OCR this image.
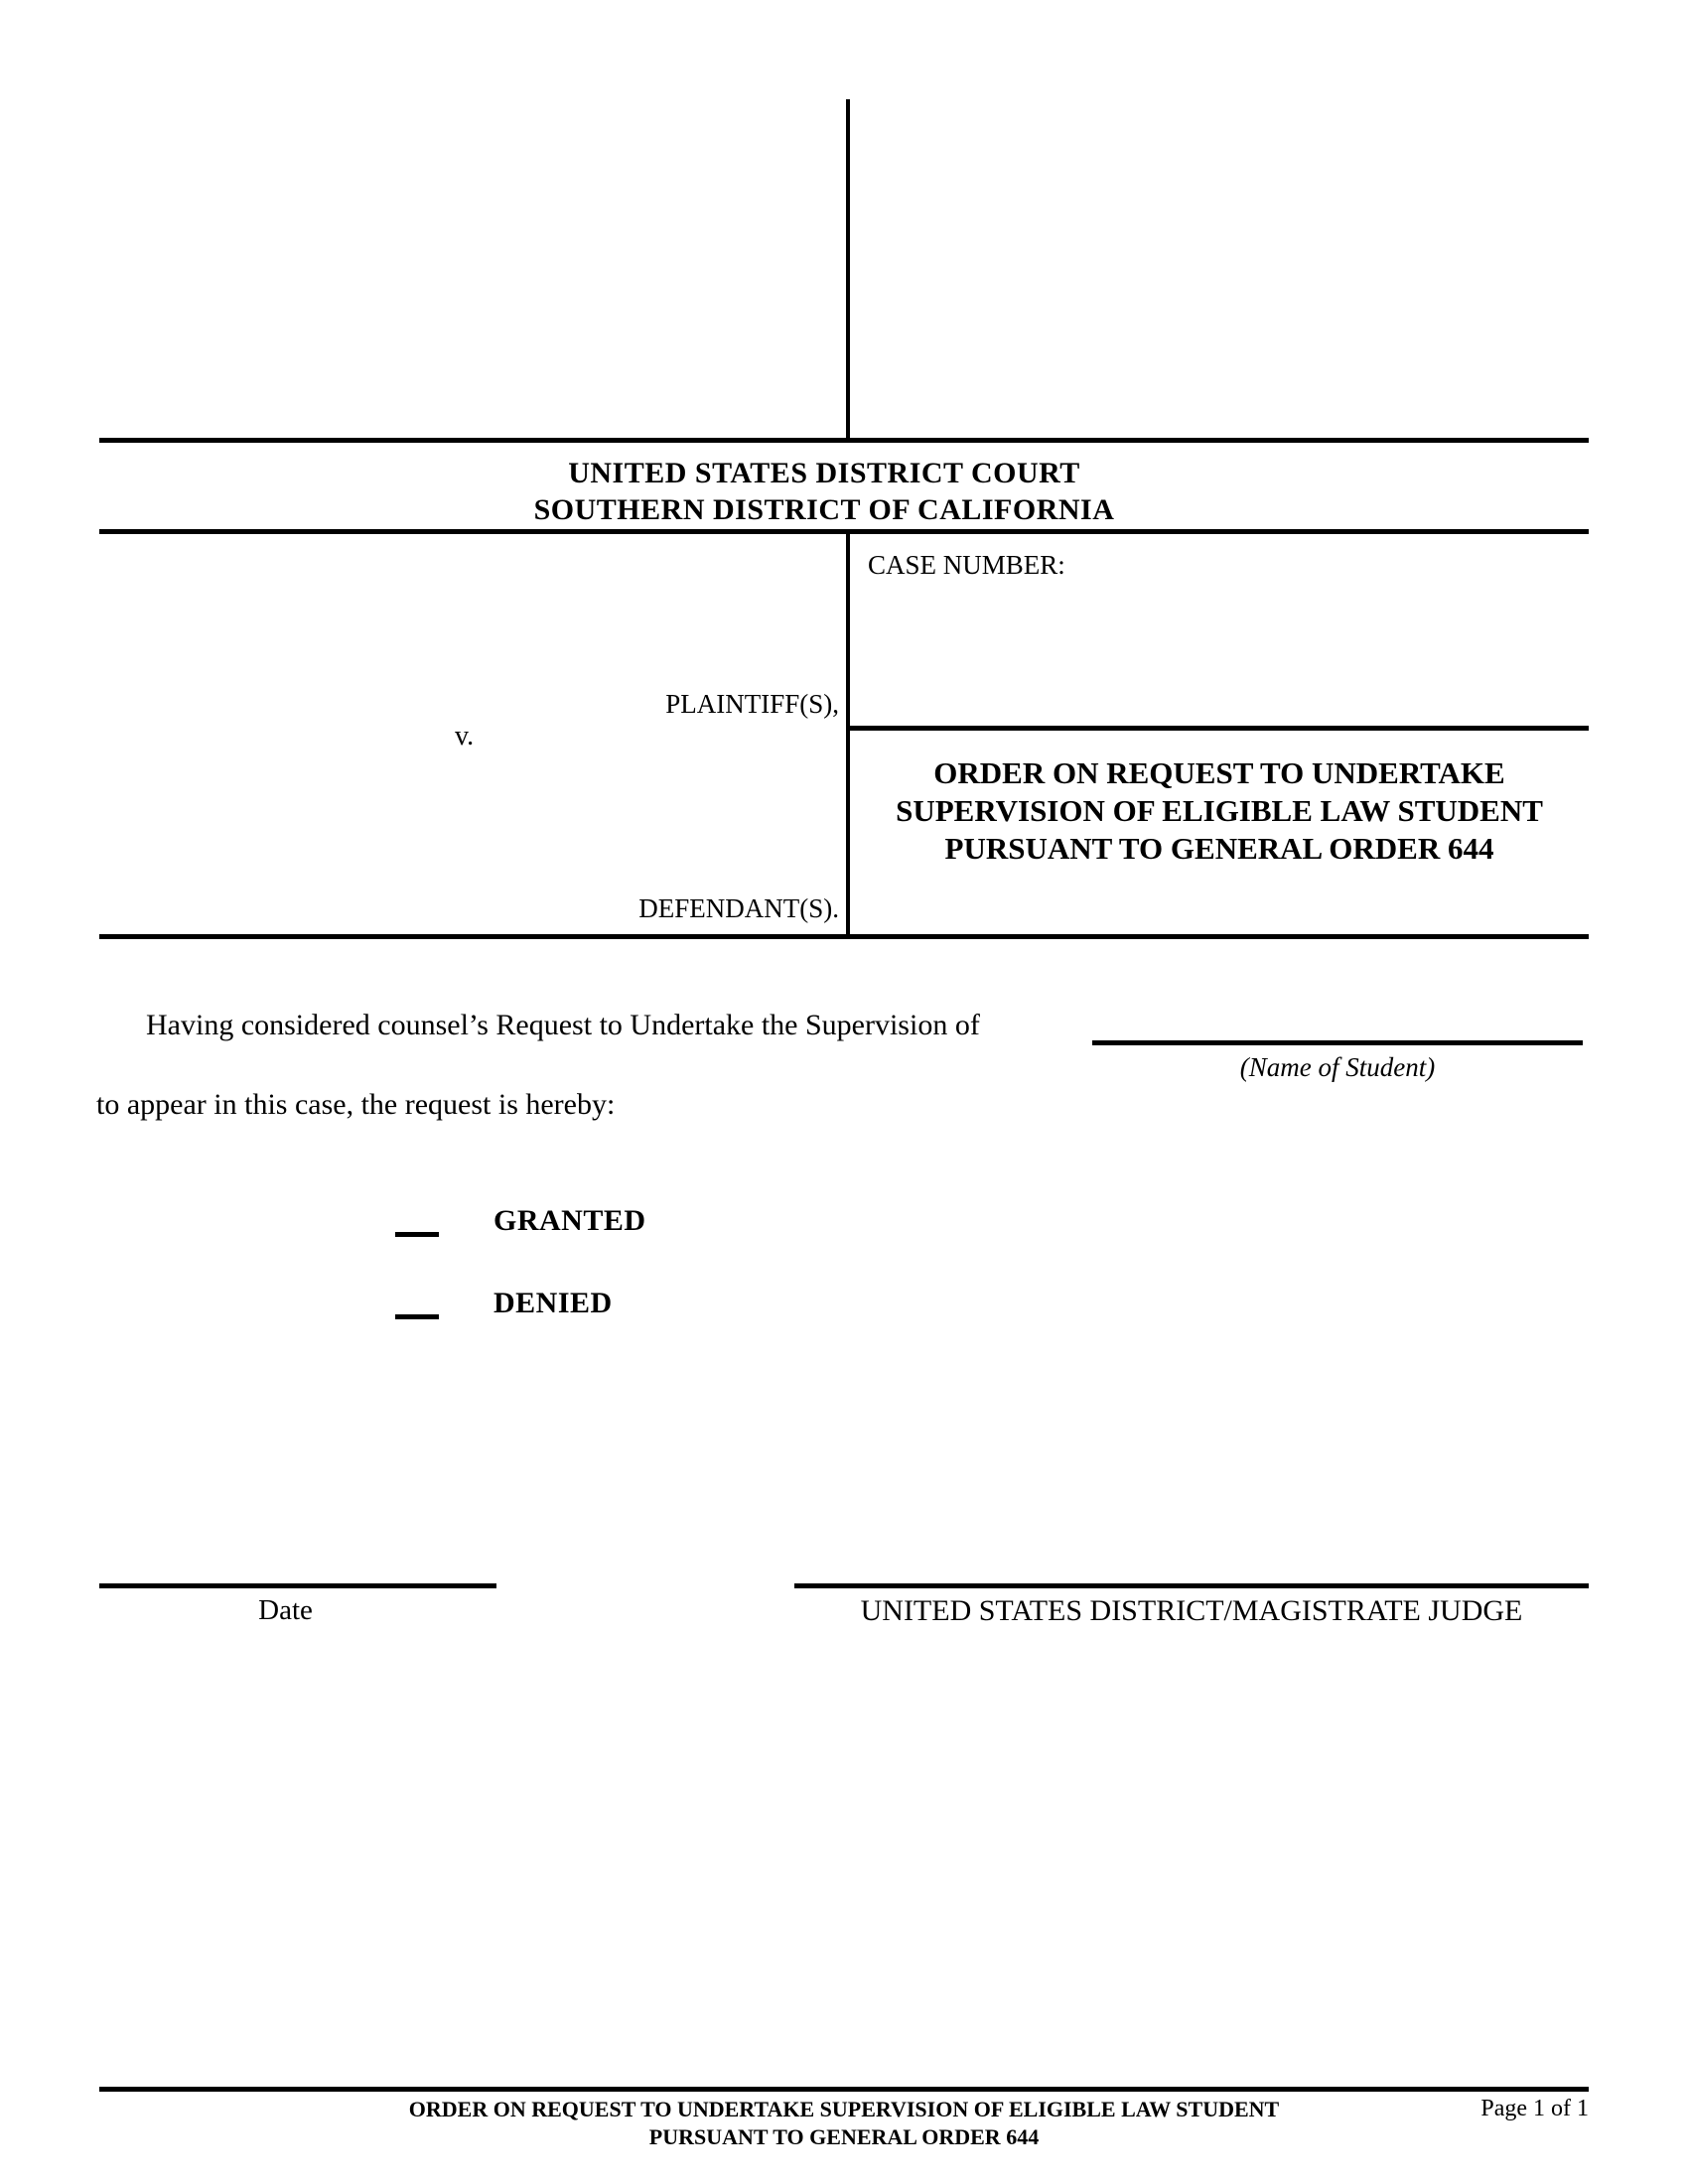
UNITED STATES DISTRICT COURT
SOUTHERN DISTRICT OF CALIFORNIA
PLAINTIFF(S),
v.
DEFENDANT(S).
CASE NUMBER:
ORDER ON REQUEST TO UNDERTAKE SUPERVISION OF ELIGIBLE LAW STUDENT PURSUANT TO GENERAL ORDER 644
Having considered counsel’s Request to Undertake the Supervision of
(Name of Student)
to appear in this case, the request is hereby:
GRANTED
DENIED
Date	UNITED STATES DISTRICT/MAGISTRATE JUDGE
ORDER ON REQUEST TO UNDERTAKE SUPERVISION OF ELIGIBLE LAW STUDENT
PURSUANT TO GENERAL ORDER 644
Page 1 of 1
